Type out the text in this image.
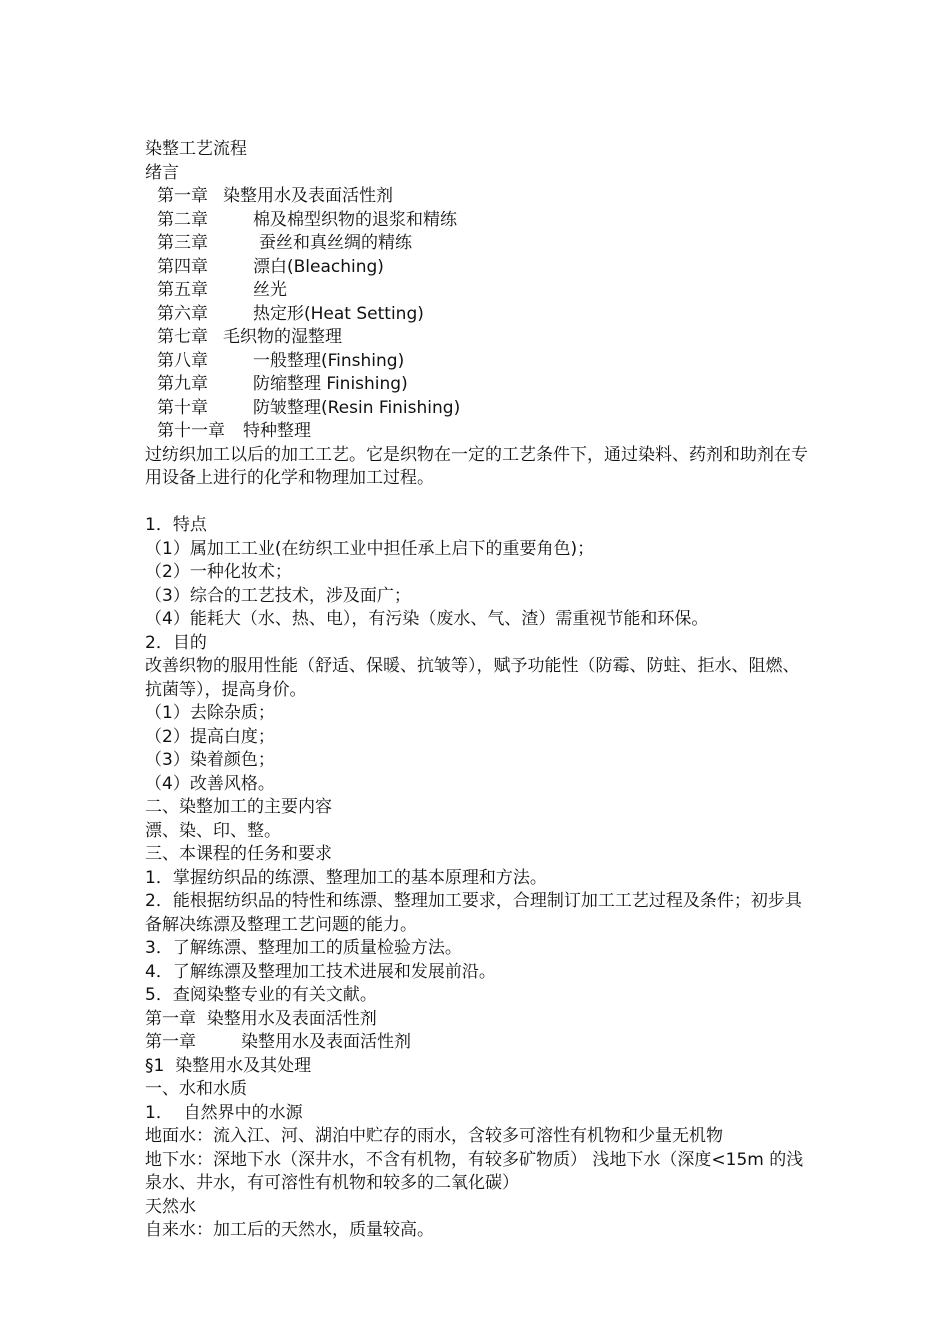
染整工艺流程

绪言

第一章 染整用水及表面活性剂

第二章	棉及棉型织物的退浆和精练

第三章	蚕丝和真丝绸的精练

第四章	漂白(Bleaching)

第五章	丝光

第六章	热定形(Heat Setting)

第七章 毛织物的湿整理

第八章	一般整理(Finshing)

第九章	防缩整理 Finishing)

第十章	防皱整理(Resin Finishing)

第十一章 特种整理

过纺织加工以后的加工工艺。它是织物在一定的工艺条件下，通过染料、药剂和助剂在专用设备上进行的化学和物理加工过程。

1．特点

（1）属加工工业(在纺织工业中担任承上启下的重要角色)；

（2）一种化妆术；

（3）综合的工艺技术，涉及面广；

（4）能耗大（水、热、电），有污染（废水、气、渣）需重视节能和环保。

2．目的

改善织物的服用性能（舒适、保暖、抗皱等），赋予功能性（防霉、防蛀、拒水、阻燃、抗菌等），提高身价。

（1）去除杂质；

（2）提高白度；

（3）染着颜色；

（4）改善风格。

二、染整加工的主要内容

漂、染、印、整。

三、本课程的任务和要求

1．掌握纺织品的练漂、整理加工的基本原理和方法。

2．能根据纺织品的特性和练漂、整理加工要求，合理制订加工工艺过程及条件；初步具备解决练漂及整理工艺问题的能力。

3．了解练漂、整理加工的质量检验方法。

4．了解练漂及整理加工技术进展和发展前沿。

5．查阅染整专业的有关文献。

第一章  染整用水及表面活性剂

第一章	染整用水及表面活性剂

§1  染整用水及其处理

一、水和水质

1．  自然界中的水源

地面水：流入江、河、湖泊中贮存的雨水，含较多可溶性有机物和少量无机物

地下水：深地下水（深井水，不含有机物，有较多矿物质） 浅地下水（深度<15m 的浅泉水、井水，有可溶性有机物和较多的二氧化碳）

天然水

自来水：加工后的天然水，质量较高。
